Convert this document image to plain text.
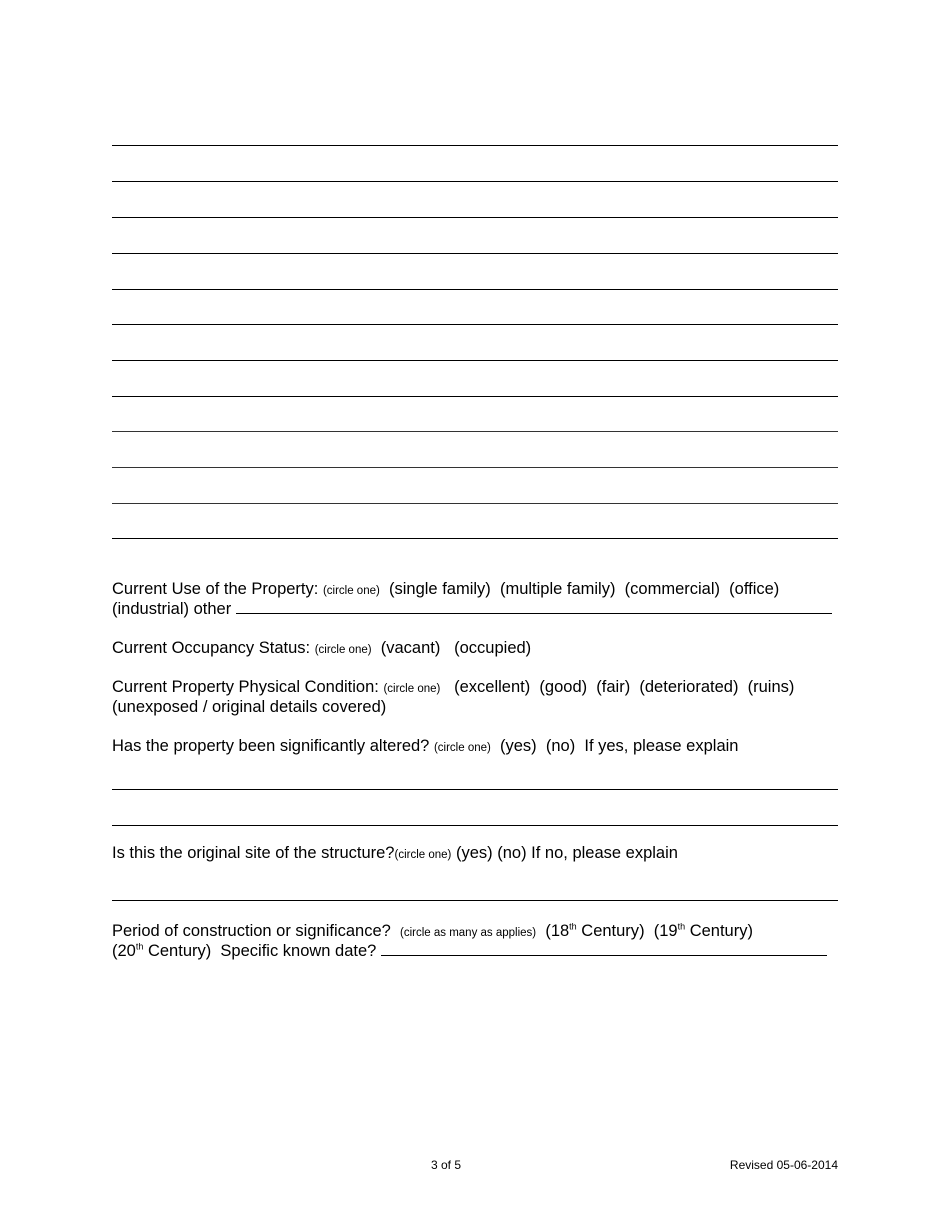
Current Use of the Property: (circle one) (single family) (multiple family) (commercial) (office)
(industrial) other
Current Occupancy Status: (circle one) (vacant) (occupied)
Current Property Physical Condition: (circle one) (excellent) (good) (fair) (deteriorated) (ruins)
(unexposed / original details covered)
Has the property been significantly altered? (circle one) (yes) (no) If yes, please explain
Is this the original site of the structure?(circle one) (yes) (no) If no, please explain
Period of construction or significance? (circle as many as applies) (18th Century) (19th Century)
(20th Century) Specific known date?
3 of 5	Revised 05-06-2014
